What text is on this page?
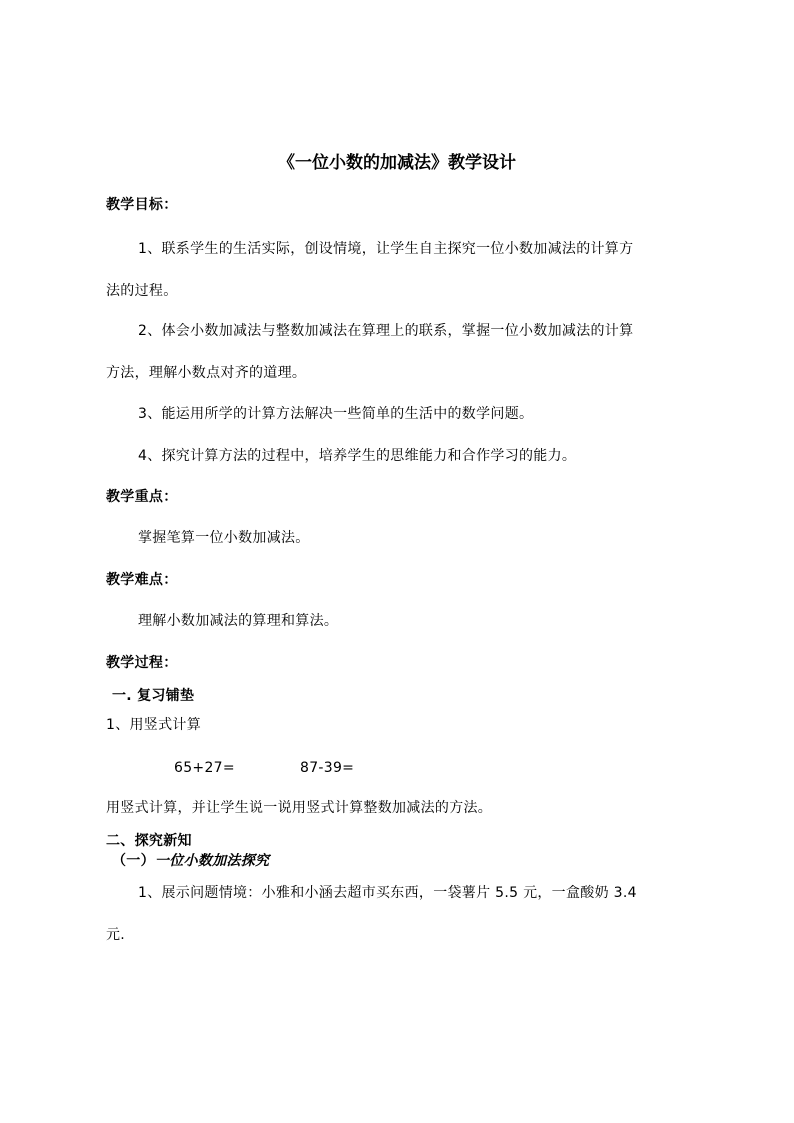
《一位小数的加减法》教学设计
教学目标：
1、联系学生的生活实际，创设情境，让学生自主探究一位小数加减法的计算方
法的过程。
2、体会小数加减法与整数加减法在算理上的联系，掌握一位小数加减法的计算
方法，理解小数点对齐的道理。
3、能运用所学的计算方法解决一些简单的生活中的数学问题。
4、探究计算方法的过程中，培养学生的思维能力和合作学习的能力。
教学重点：
掌握笔算一位小数加减法。
教学难点：
理解小数加减法的算理和算法。
教学过程：
一. 复习铺垫
1、用竖式计算
65+27=	87-39=
用竖式计算，并让学生说一说用竖式计算整数加减法的方法。
二、探究新知
（一）一位小数加法探究
1、展示问题情境：小雅和小涵去超市买东西，一袋薯片 5.5 元，一盒酸奶 3.4
元.
